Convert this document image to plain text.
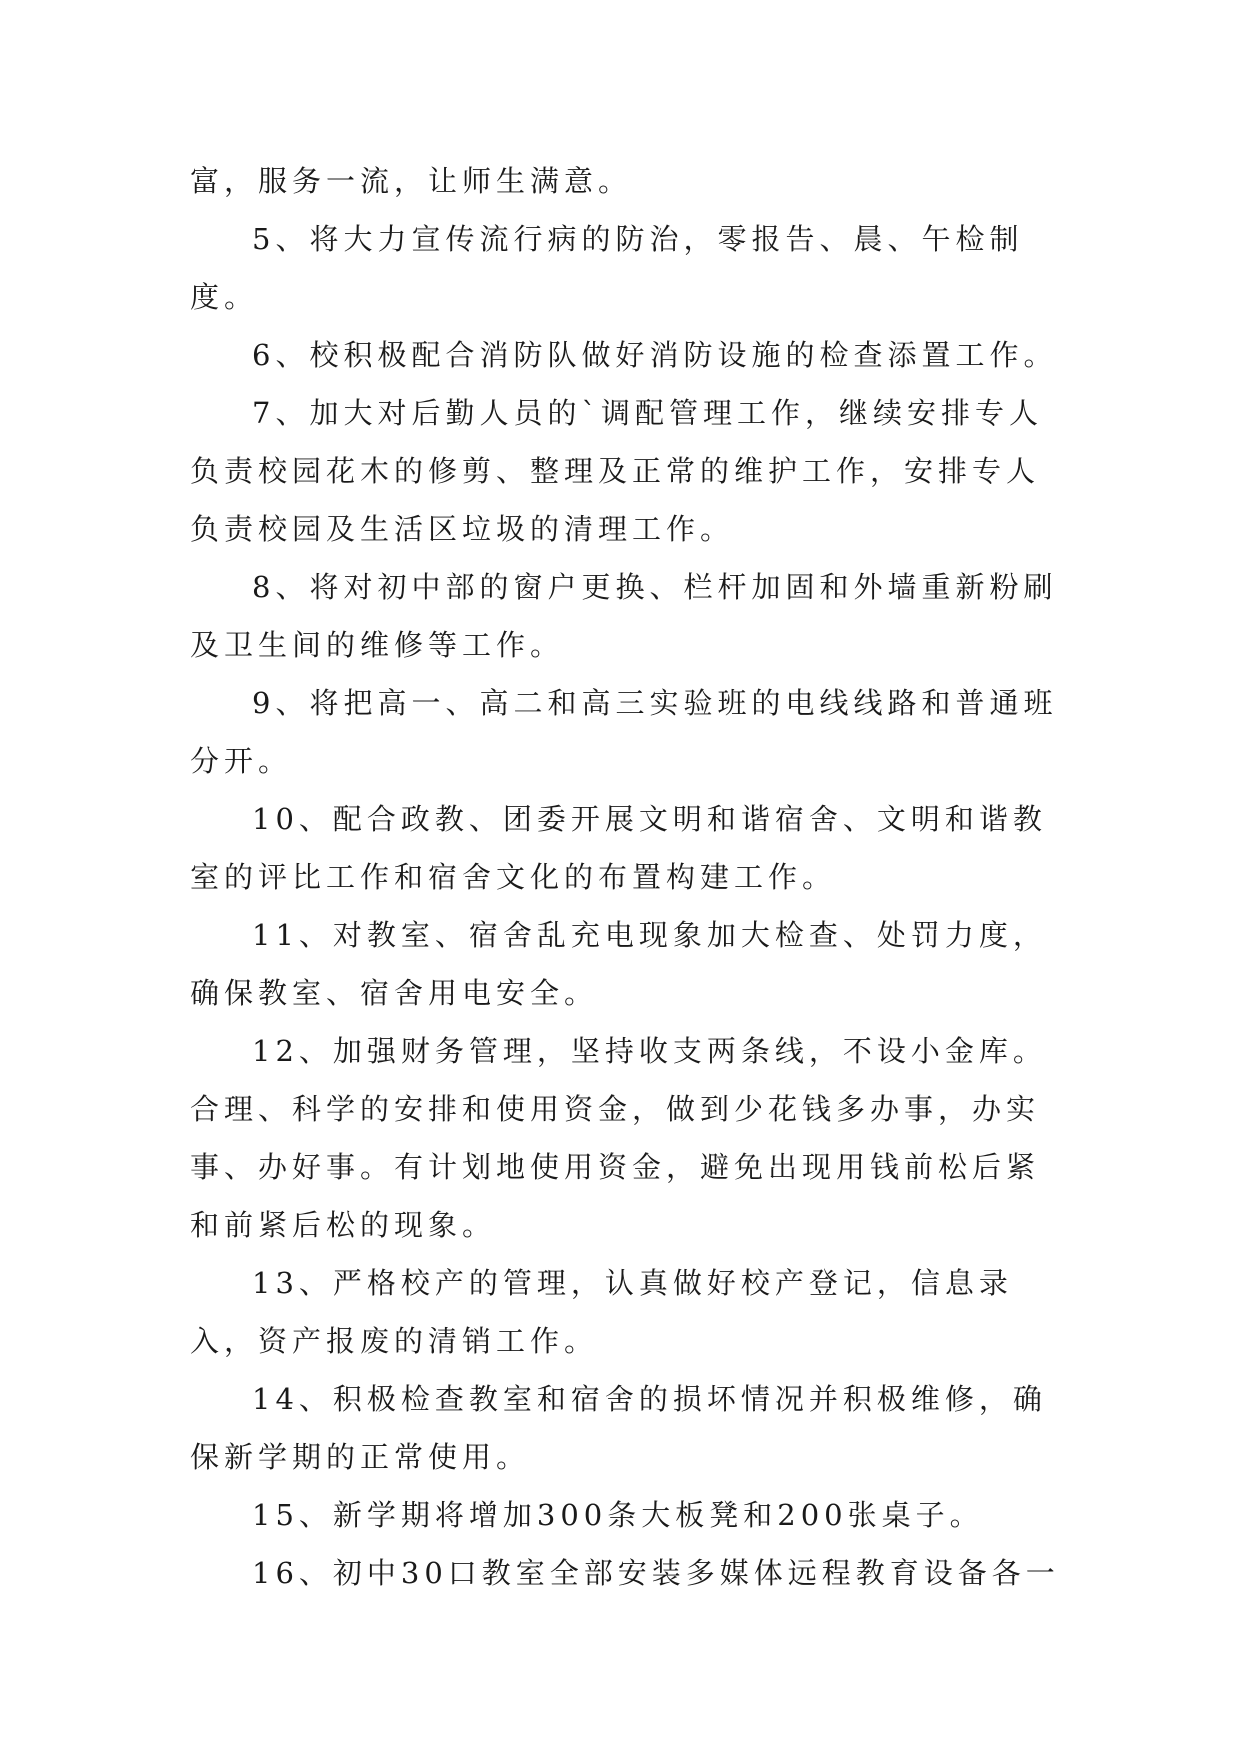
富，服务一流，让师生满意。

5、将大力宣传流行病的防治，零报告、晨、午检制度。

6、校积极配合消防队做好消防设施的检查添置工作。

7、加大对后勤人员的`调配管理工作，继续安排专人负责校园花木的修剪、整理及正常的维护工作，安排专人负责校园及生活区垃圾的清理工作。

8、将对初中部的窗户更换、栏杆加固和外墙重新粉刷及卫生间的维修等工作。

9、将把高一、高二和高三实验班的电线线路和普通班分开。

10、配合政教、团委开展文明和谐宿舍、文明和谐教室的评比工作和宿舍文化的布置构建工作。

11、对教室、宿舍乱充电现象加大检查、处罚力度，确保教室、宿舍用电安全。

12、加强财务管理，坚持收支两条线，不设小金库。合理、科学的安排和使用资金，做到少花钱多办事，办实事、办好事。有计划地使用资金，避免出现用钱前松后紧和前紧后松的现象。

13、严格校产的管理，认真做好校产登记，信息录入，资产报废的清销工作。

14、积极检查教室和宿舍的损坏情况并积极维修，确保新学期的正常使用。

15、新学期将增加300条大板凳和200张桌子。

16、初中30口教室全部安装多媒体远程教育设备各一
